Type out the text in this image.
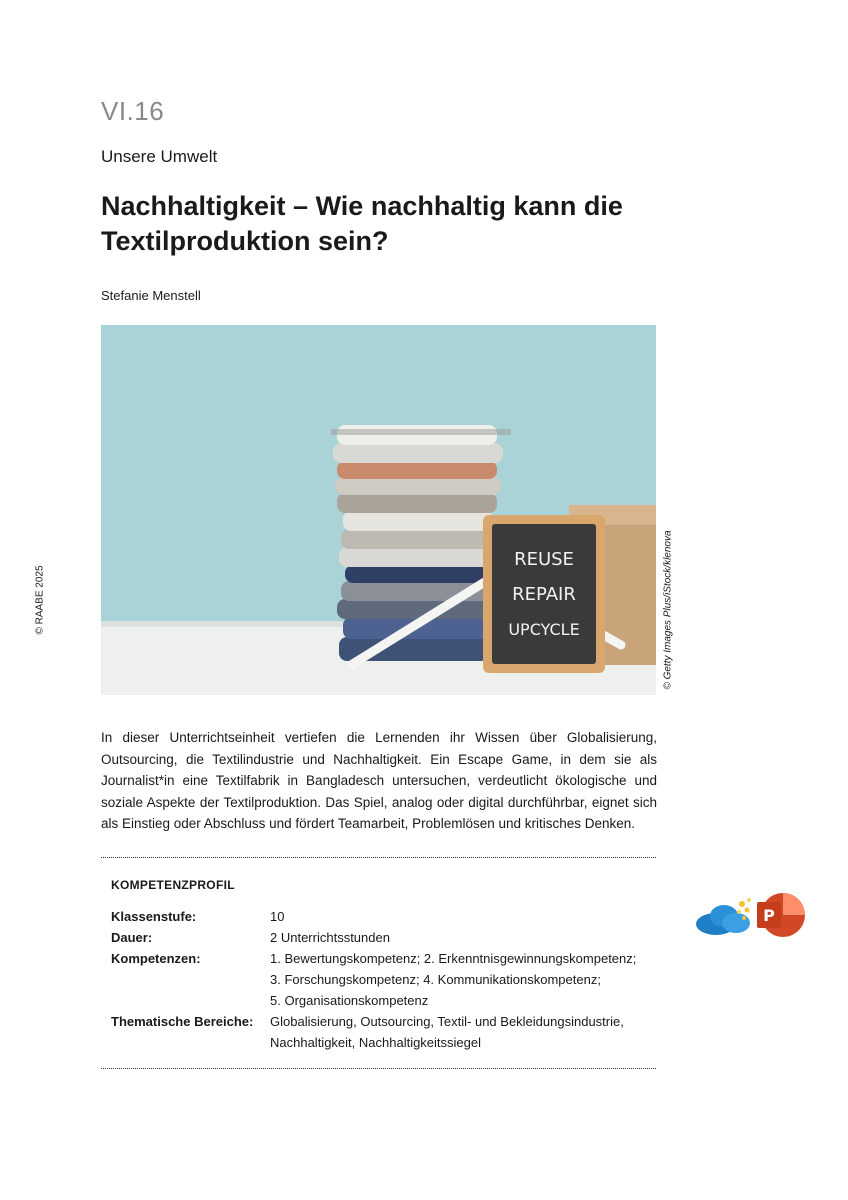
VI.16
Unsere Umwelt
Nachhaltigkeit – Wie nachhaltig kann die
Textilproduktion sein?
Stefanie Menstell
© RAABE 2025
REUSE
REPAIR
UPCYCLE	© Getty Images Plus/iStock/klenova

In dieser Unterrichtseinheit vertiefen die Lernenden ihr Wissen über Globalisierung, Outsourcing, die Textilindustrie und Nachhaltigkeit. Ein Escape Game, in dem sie als Journalist*in eine Textilfabrik in Bangladesch untersuchen, verdeutlicht ökologische und soziale Aspekte der Textilproduktion. Das Spiel, analog oder digital durchführbar, eignet sich als Einstieg oder Abschluss und fördert Teamarbeit, Problemlösen und kritisches Denken.

KOMPETENZPROFIL
Klassenstufe:	10
Dauer:	2 Unterrichtsstunden
Kompetenzen:	1. Bewertungskompetenz; 2. Erkenntnisgewinnungskompetenz;
3. Forschungskompetenz; 4. Kommunikationskompetenz;
5. Organisationskompetenz
Thematische Bereiche: Globalisierung, Outsourcing, Textil- und Bekleidungsindustrie,
Nachhaltigkeit, Nachhaltigkeitssiegel
P
